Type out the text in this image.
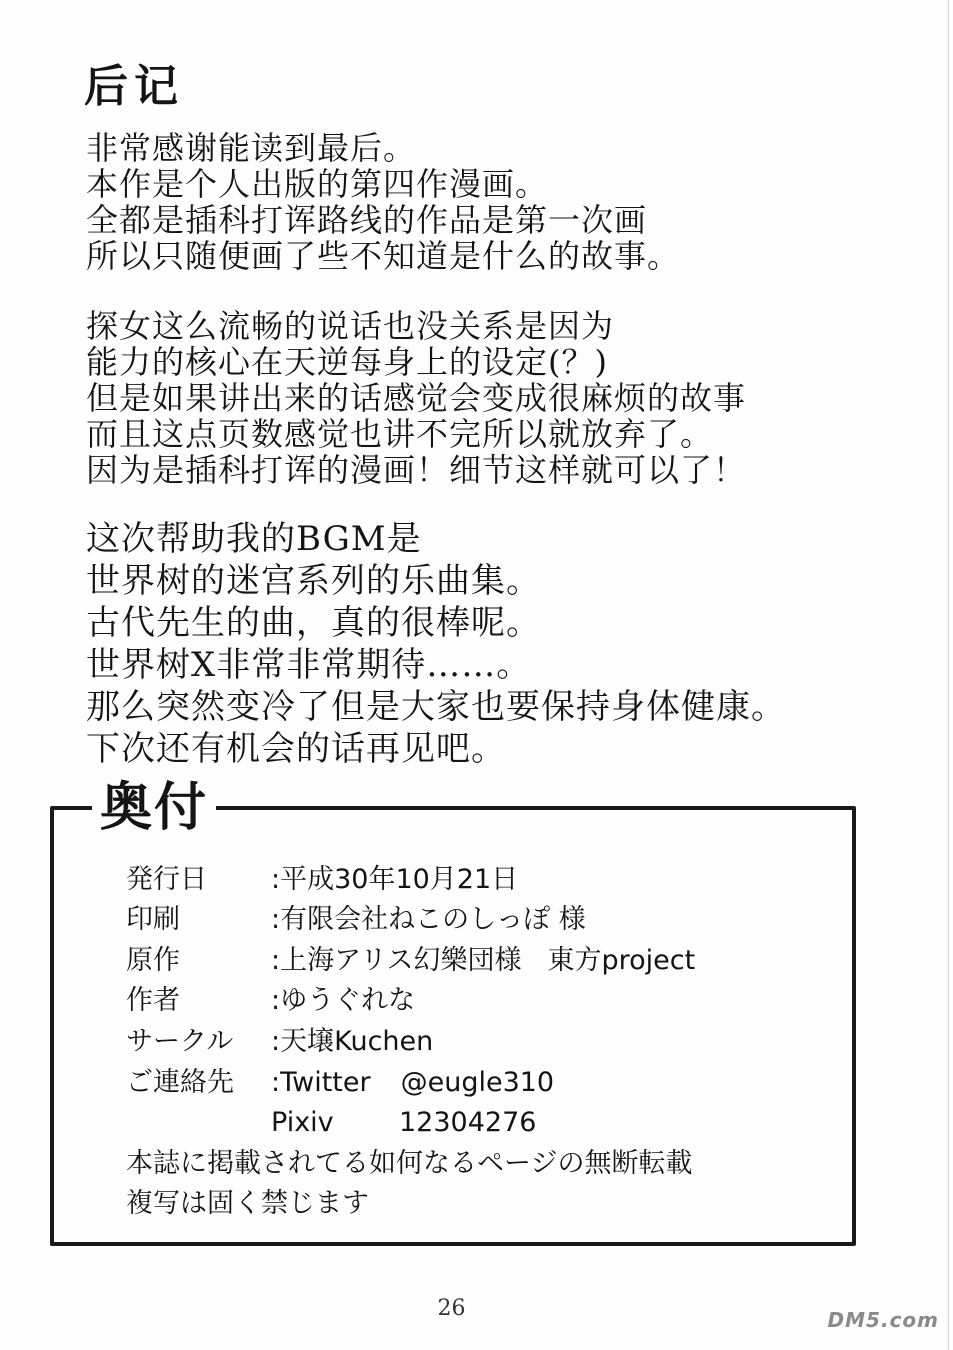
后记
非常感谢能读到最后。
本作是个人出版的第四作漫画。
全都是插科打诨路线的作品是第一次画
所以只随便画了些不知道是什么的故事。
探女这么流畅的说话也没关系是因为
能力的核心在天逆每身上的设定(？)
但是如果讲出来的话感觉会变成很麻烦的故事
而且这点页数感觉也讲不完所以就放弃了。
因为是插科打诨的漫画！细节这样就可以了！
这次帮助我的BGM是
世界树的迷宫系列的乐曲集。
古代先生的曲，真的很棒呢。
世界树X非常非常期待……。
那么突然变冷了但是大家也要保持身体健康。
下次还有机会的话再见吧。
奥付
発行日	:平成30年10月21日
印刷	:有限会社ねこのしっぽ 様
原作	:上海アリス幻樂団様 東方project
作者	:ゆうぐれな
サークル	:天壌Kuchen
ご連絡先	:Twitter @eugle310
Pixiv 12304276
本誌に掲載されてる如何なるページの無断転載
複写は固く禁じます
26	DM5.com
